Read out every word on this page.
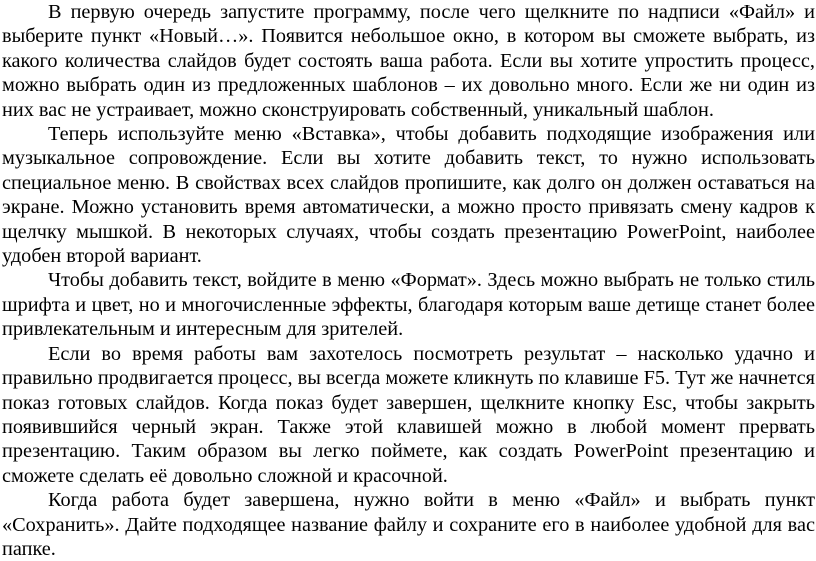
В первую очередь запустите программу, после чего щелкните по надписи «Файл» и выберите пункт «Новый…». Появится небольшое окно, в котором вы сможете выбрать, из какого количества слайдов будет состоять ваша работа. Если вы хотите упростить процесс, можно выбрать один из предложенных шаблонов – их довольно много. Если же ни один из них вас не устраивает, можно сконструировать собственный, уникальный шаблон.

Теперь используйте меню «Вставка», чтобы добавить подходящие изображения или музыкальное сопровождение. Если вы хотите добавить текст, то нужно использовать специальное меню. В свойствах всех слайдов пропишите, как долго он должен оставаться на экране. Можно установить время автоматически, а можно просто привязать смену кадров к щелчку мышкой. В некоторых случаях, чтобы создать презентацию PowerPoint, наиболее удобен второй вариант.

Чтобы добавить текст, войдите в меню «Формат». Здесь можно выбрать не только стиль шрифта и цвет, но и многочисленные эффекты, благодаря которым ваше детище станет более привлекательным и интересным для зрителей.

Если во время работы вам захотелось посмотреть результат – насколько удачно и правильно продвигается процесс, вы всегда можете кликнуть по клавише F5. Тут же начнется показ готовых слайдов. Когда показ будет завершен, щелкните кнопку Esc, чтобы закрыть появившийся черный экран. Также этой клавишей можно в любой момент прервать презентацию. Таким образом вы легко поймете, как создать PowerPoint презентацию и сможете сделать её довольно сложной и красочной.

Когда работа будет завершена, нужно войти в меню «Файл» и выбрать пункт «Сохранить». Дайте подходящее название файлу и сохраните его в наиболее удобной для вас папке.
